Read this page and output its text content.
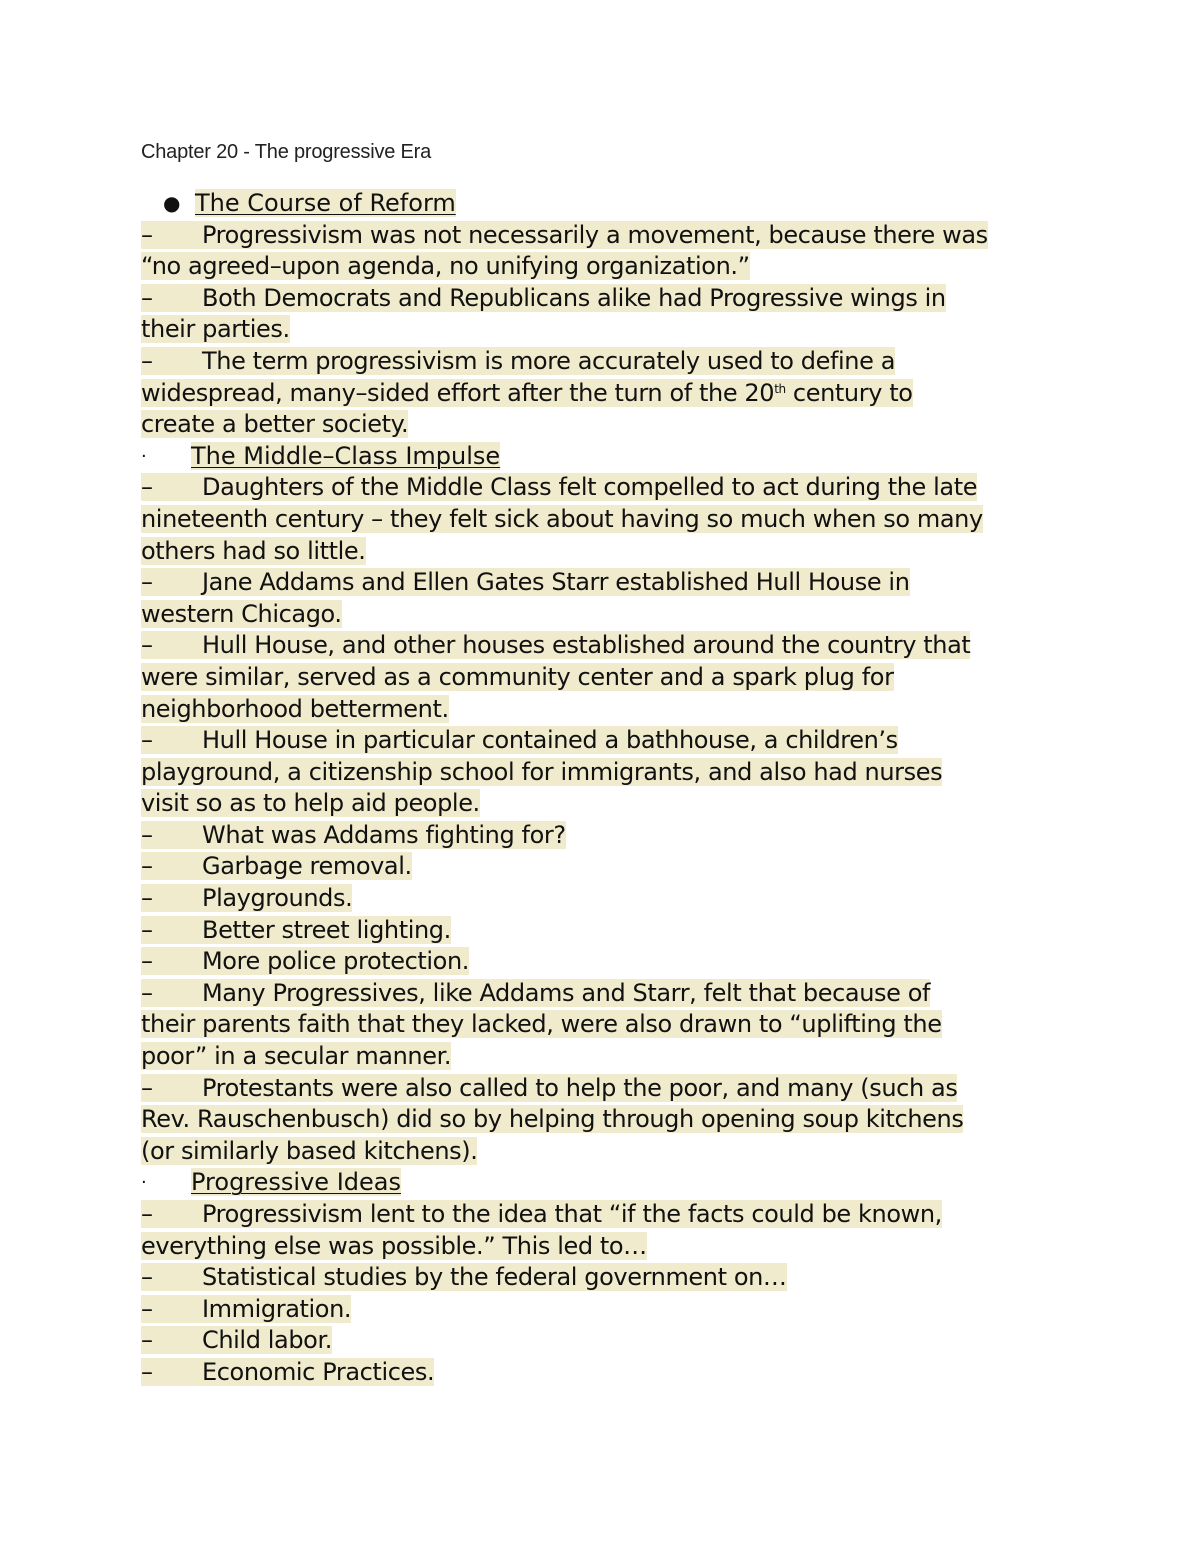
Chapter 20 - The progressive Era
● The Course of Reform
–Progressivism was not necessarily a movement, because there was
“no agreed–upon agenda, no unifying organization.”
–Both Democrats and Republicans alike had Progressive wings in
their parties.
–The term progressivism is more accurately used to define a
widespread, many–sided effort after the turn of the 20th century to
create a better society.
· The Middle–Class Impulse
–Daughters of the Middle Class felt compelled to act during the late
nineteenth century – they felt sick about having so much when so many
others had so little.
–Jane Addams and Ellen Gates Starr established Hull House in
western Chicago.
–Hull House, and other houses established around the country that
were similar, served as a community center and a spark plug for
neighborhood betterment.
–Hull House in particular contained a bathhouse, a children’s
playground, a citizenship school for immigrants, and also had nurses
visit so as to help aid people.
–What was Addams fighting for?
–Garbage removal.
–Playgrounds.
–Better street lighting.
–More police protection.
–Many Progressives, like Addams and Starr, felt that because of
their parents faith that they lacked, were also drawn to “uplifting the
poor” in a secular manner.
–Protestants were also called to help the poor, and many (such as
Rev. Rauschenbusch) did so by helping through opening soup kitchens
(or similarly based kitchens).
· Progressive Ideas
–Progressivism lent to the idea that “if the facts could be known,
everything else was possible.” This led to…
–Statistical studies by the federal government on…
–Immigration.
–Child labor.
–Economic Practices.
